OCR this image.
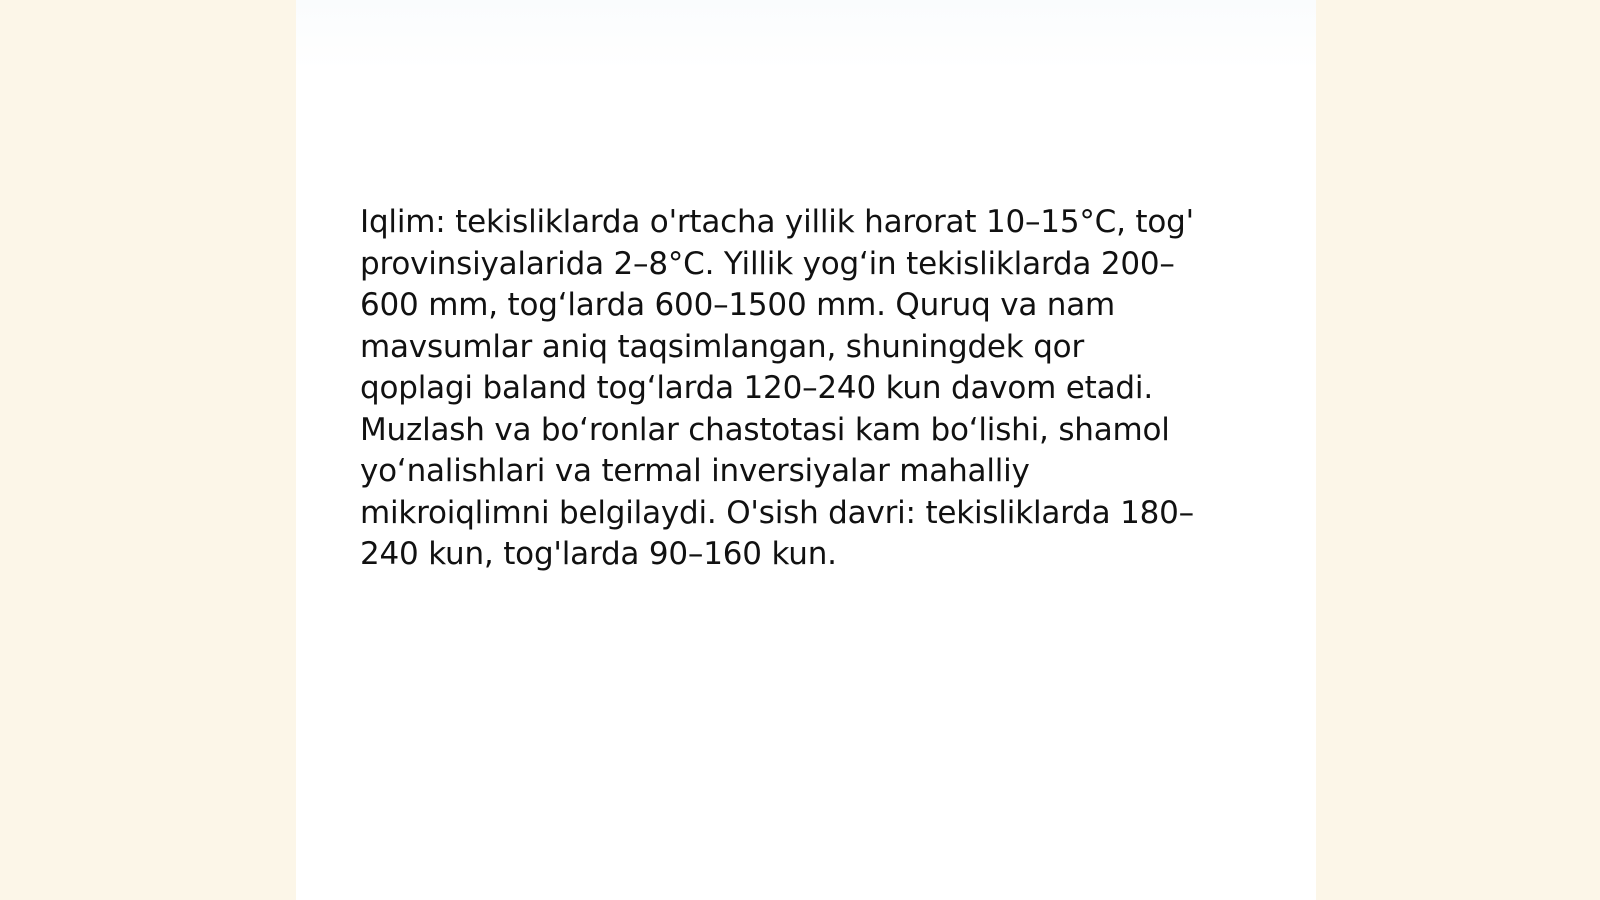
Iqlim: tekisliklarda o'rtacha yillik harorat 10–15°C, tog'
provinsiyalarida 2–8°C. Yillik yog‘in tekisliklarda 200–
600 mm, tog‘larda 600–1500 mm. Quruq va nam
mavsumlar aniq taqsimlangan, shuningdek qor
qoplagi baland tog‘larda 120–240 kun davom etadi.
Muzlash va bo‘ronlar chastotasi kam bo‘lishi, shamol
yo‘nalishlari va termal inversiyalar mahalliy
mikroiqlimni belgilaydi. O'sish davri: tekisliklarda 180–
240 kun, tog'larda 90–160 kun.
